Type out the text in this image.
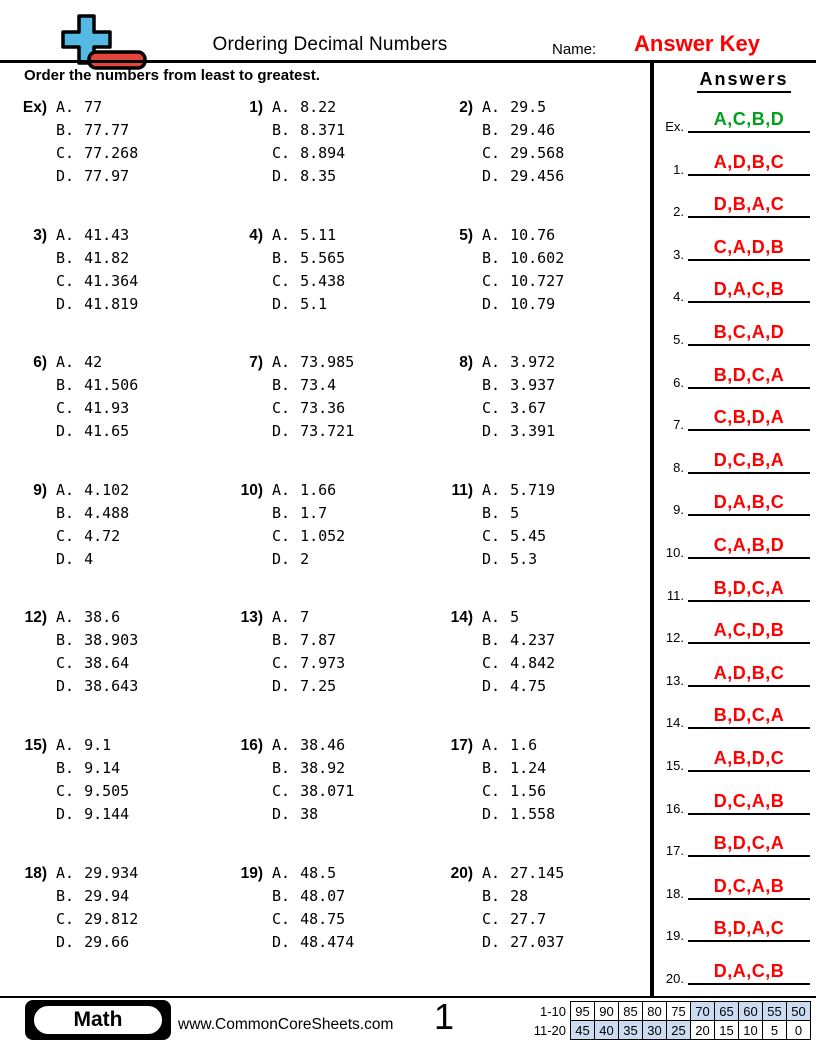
Ordering Decimal Numbers	Name:	Answer Key
Order the numbers from least to greatest.
Ex) A. 77
B. 77.77
C. 77.268
D. 77.97
1) A. 8.22
B. 8.371
C. 8.894
D. 8.35
2) A. 29.5
B. 29.46
C. 29.568
D. 29.456
3) A. 41.43
B. 41.82
C. 41.364
D. 41.819
4) A. 5.11
B. 5.565
C. 5.438
D. 5.1
5) A. 10.76
B. 10.602
C. 10.727
D. 10.79
6) A. 42
B. 41.506
C. 41.93
D. 41.65
7) A. 73.985
B. 73.4
C. 73.36
D. 73.721
8) A. 3.972
B. 3.937
C. 3.67
D. 3.391
9) A. 4.102
B. 4.488
C. 4.72
D. 4
10) A. 1.66
B. 1.7
C. 1.052
D. 2
11) A. 5.719
B. 5
C. 5.45
D. 5.3
12) A. 38.6
B. 38.903
C. 38.64
D. 38.643
13) A. 7
B. 7.87
C. 7.973
D. 7.25
14) A. 5
B. 4.237
C. 4.842
D. 4.75
15) A. 9.1
B. 9.14
C. 9.505
D. 9.144
16) A. 38.46
B. 38.92
C. 38.071
D. 38
17) A. 1.6
B. 1.24
C. 1.56
D. 1.558
18) A. 29.934
B. 29.94
C. 29.812
D. 29.66
19) A. 48.5
B. 48.07
C. 48.75
D. 48.474
20) A. 27.145
B. 28
C. 27.7
D. 27.037
Answers
Ex.	A,C,B,D
1.	A,D,B,C
2.	D,B,A,C
3.	C,A,D,B
4.	D,A,C,B
5.	B,C,A,D
6.	B,D,C,A
7.	C,B,D,A
8.	D,C,B,A
9.	D,A,B,C
10.	C,A,B,D
11.	B,D,C,A
12.	A,C,D,B
13.	A,D,B,C
14.	B,D,C,A
15.	A,B,D,C
16.	D,C,A,B
17.	B,D,C,A
18.	D,C,A,B
19.	B,D,A,C
20.	D,A,C,B
Math	www.CommonCoreSheets.com	1	1-10	95	90	85	80	75	70	65	60	55	50
11-20	45	40	35	30	25	20	15	10	5	0
